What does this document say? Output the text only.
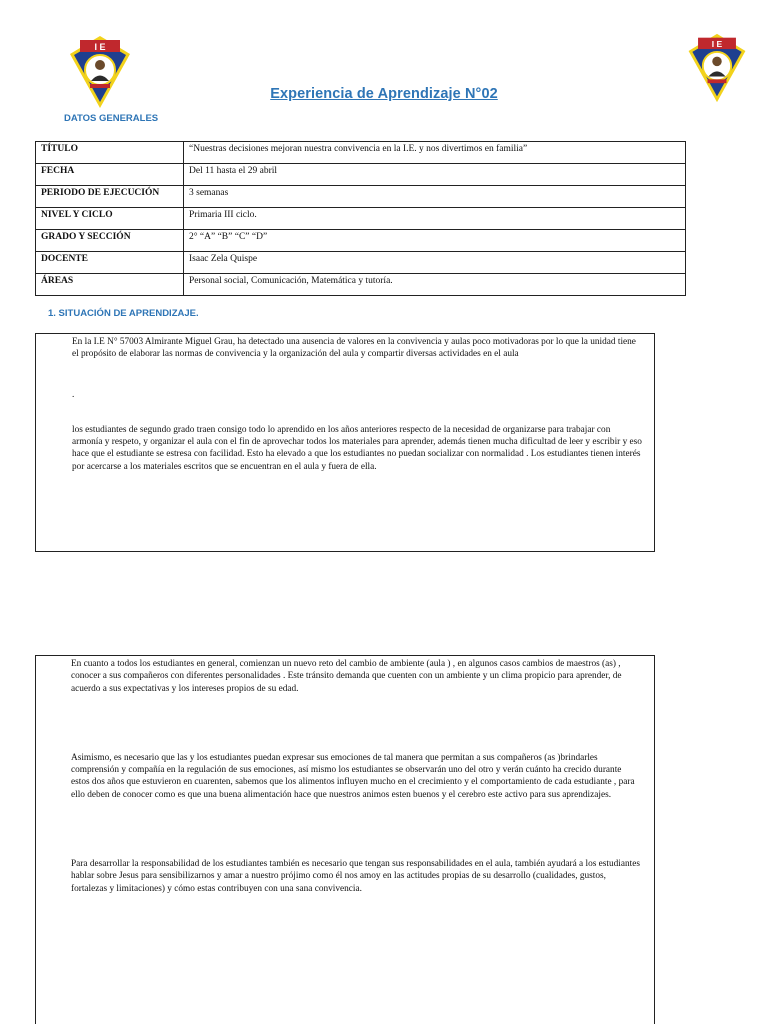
I E	I E
Experiencia de Aprendizaje N°02
DATOS GENERALES
TÍTULO	“Nuestras decisiones mejoran nuestra convivencia en la I.E. y nos divertimos en familia”
FECHA	Del 11 hasta el 29 abril
PERIODO DE EJECUCIÓN	3 semanas
NIVEL Y CICLO	Primaria III ciclo.
GRADO Y SECCIÓN	2° “A” “B” “C” “D”
DOCENTE	Isaac Zela Quispe
ÁREAS	Personal social, Comunicación, Matemática y tutoría.
1. SITUACIÓN DE APRENDIZAJE.

En la I.E N° 57003 Almirante Miguel Grau, ha detectado una ausencia de valores en la convivencia y aulas poco motivadoras por lo que la unidad tiene el propósito de elaborar las normas de convivencia y la organización del aula y compartir diversas actividades en el aula

.

los estudiantes de segundo grado traen consigo todo lo aprendido en los años anteriores respecto de la necesidad de organizarse para trabajar con armonía y respeto, y organizar el aula con el fin de aprovechar todos los materiales para aprender, además tienen mucha dificultad de leer y escribir y eso hace que el estudiante se estresa con facilidad. Esto ha elevado a que los estudiantes no puedan socializar con normalidad . Los estudiantes tienen interés por acercarse a los materiales escritos que se encuentran en el aula y fuera de ella.

En cuanto a todos los estudiantes en general, comienzan un nuevo reto del cambio de ambiente (aula ) , en algunos casos cambios de maestros (as) , conocer a sus compañeros con diferentes personalidades . Este tránsito demanda que cuenten con un ambiente y un clima propicio para aprender, de acuerdo a sus expectativas y los intereses propios de su edad.

Asimismo, es necesario que las y los estudiantes puedan expresar sus emociones de tal manera que permitan a sus compañeros (as )brindarles comprensión y compañía en la regulación de sus emociones, así mismo los estudiantes se observarán uno del otro y verán cuánto ha crecido durante estos dos años que estuvieron en cuarenten, sabemos que los alimentos influyen mucho en el crecimiento y el comportamiento de cada estudiante , para ello deben de conocer como es que una buena alimentación hace que nuestros animos esten buenos y el cerebro este activo para sus aprendizajes.

Para desarrollar la responsabilidad de los estudiantes también es necesario que tengan sus responsabilidades en el aula, también ayudará a los estudiantes hablar sobre Jesus para sensibilizarnos y amar a nuestro prójimo como él nos amoy en las actitudes propias de su desarrollo (cualidades, gustos, fortalezas y limitaciones) y cómo estas contribuyen con una sana convivencia.
